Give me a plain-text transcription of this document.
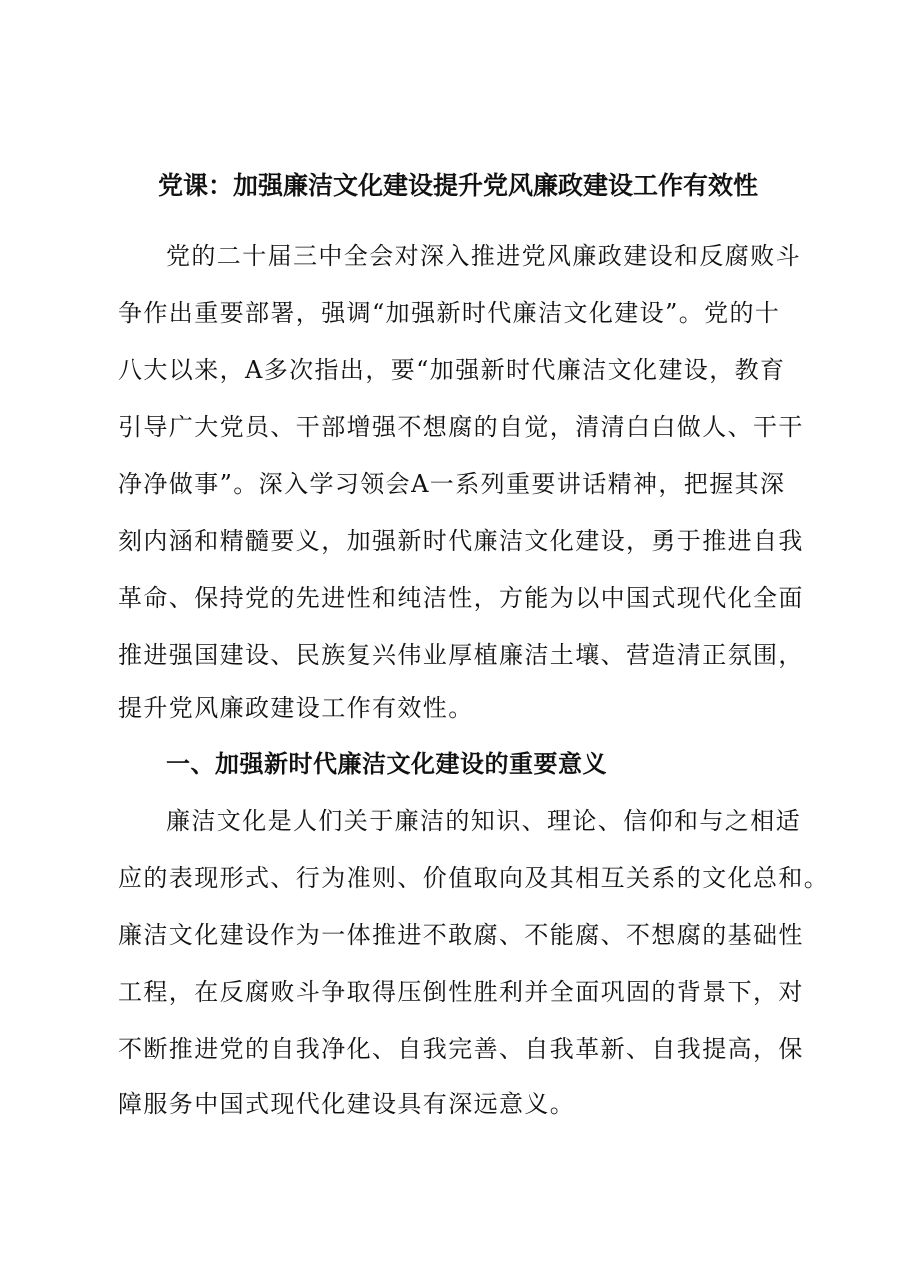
党课：加强廉洁文化建设提升党风廉政建设工作有效性
党的二十届三中全会对深入推进党风廉政建设和反腐败斗
争作出重要部署，强调“加强新时代廉洁文化建设”。党的十
八大以来，A多次指出，要“加强新时代廉洁文化建设，教育
引导广大党员、干部增强不想腐的自觉，清清白白做人、干干
净净做事”。深入学习领会A一系列重要讲话精神，把握其深
刻内涵和精髓要义，加强新时代廉洁文化建设，勇于推进自我
革命、保持党的先进性和纯洁性，方能为以中国式现代化全面
推进强国建设、民族复兴伟业厚植廉洁土壤、营造清正氛围，
提升党风廉政建设工作有效性。
一、加强新时代廉洁文化建设的重要意义
廉洁文化是人们关于廉洁的知识、理论、信仰和与之相适
应的表现形式、行为准则、价值取向及其相互关系的文化总和。
廉洁文化建设作为一体推进不敢腐、不能腐、不想腐的基础性
工程，在反腐败斗争取得压倒性胜利并全面巩固的背景下，对
不断推进党的自我净化、自我完善、自我革新、自我提高，保
障服务中国式现代化建设具有深远意义。
